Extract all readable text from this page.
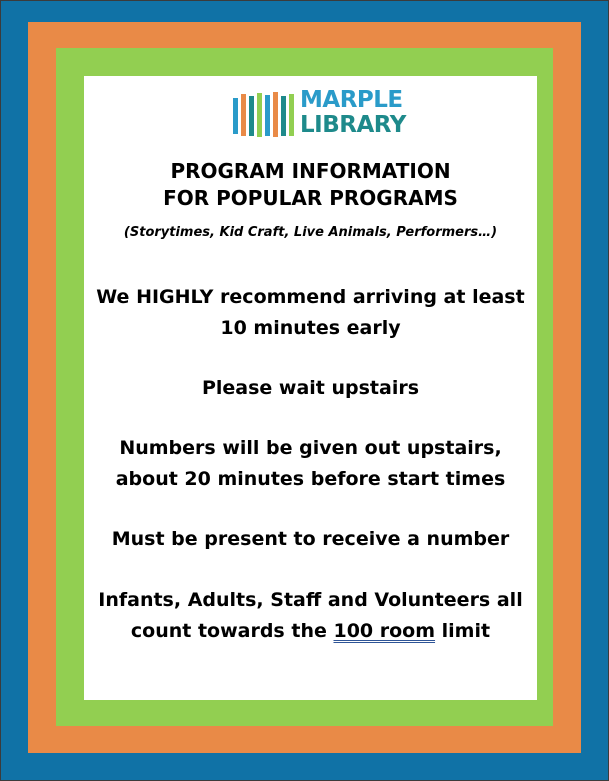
MARPLE
LIBRARY
PROGRAM INFORMATION
FOR POPULAR PROGRAMS
(Storytimes, Kid Craft, Live Animals, Performers…)
We HIGHLY recommend arriving at least
10 minutes early
Please wait upstairs
Numbers will be given out upstairs,
about 20 minutes before start times
Must be present to receive a number
Infants, Adults, Staff and Volunteers all
count towards the 100 room limit
